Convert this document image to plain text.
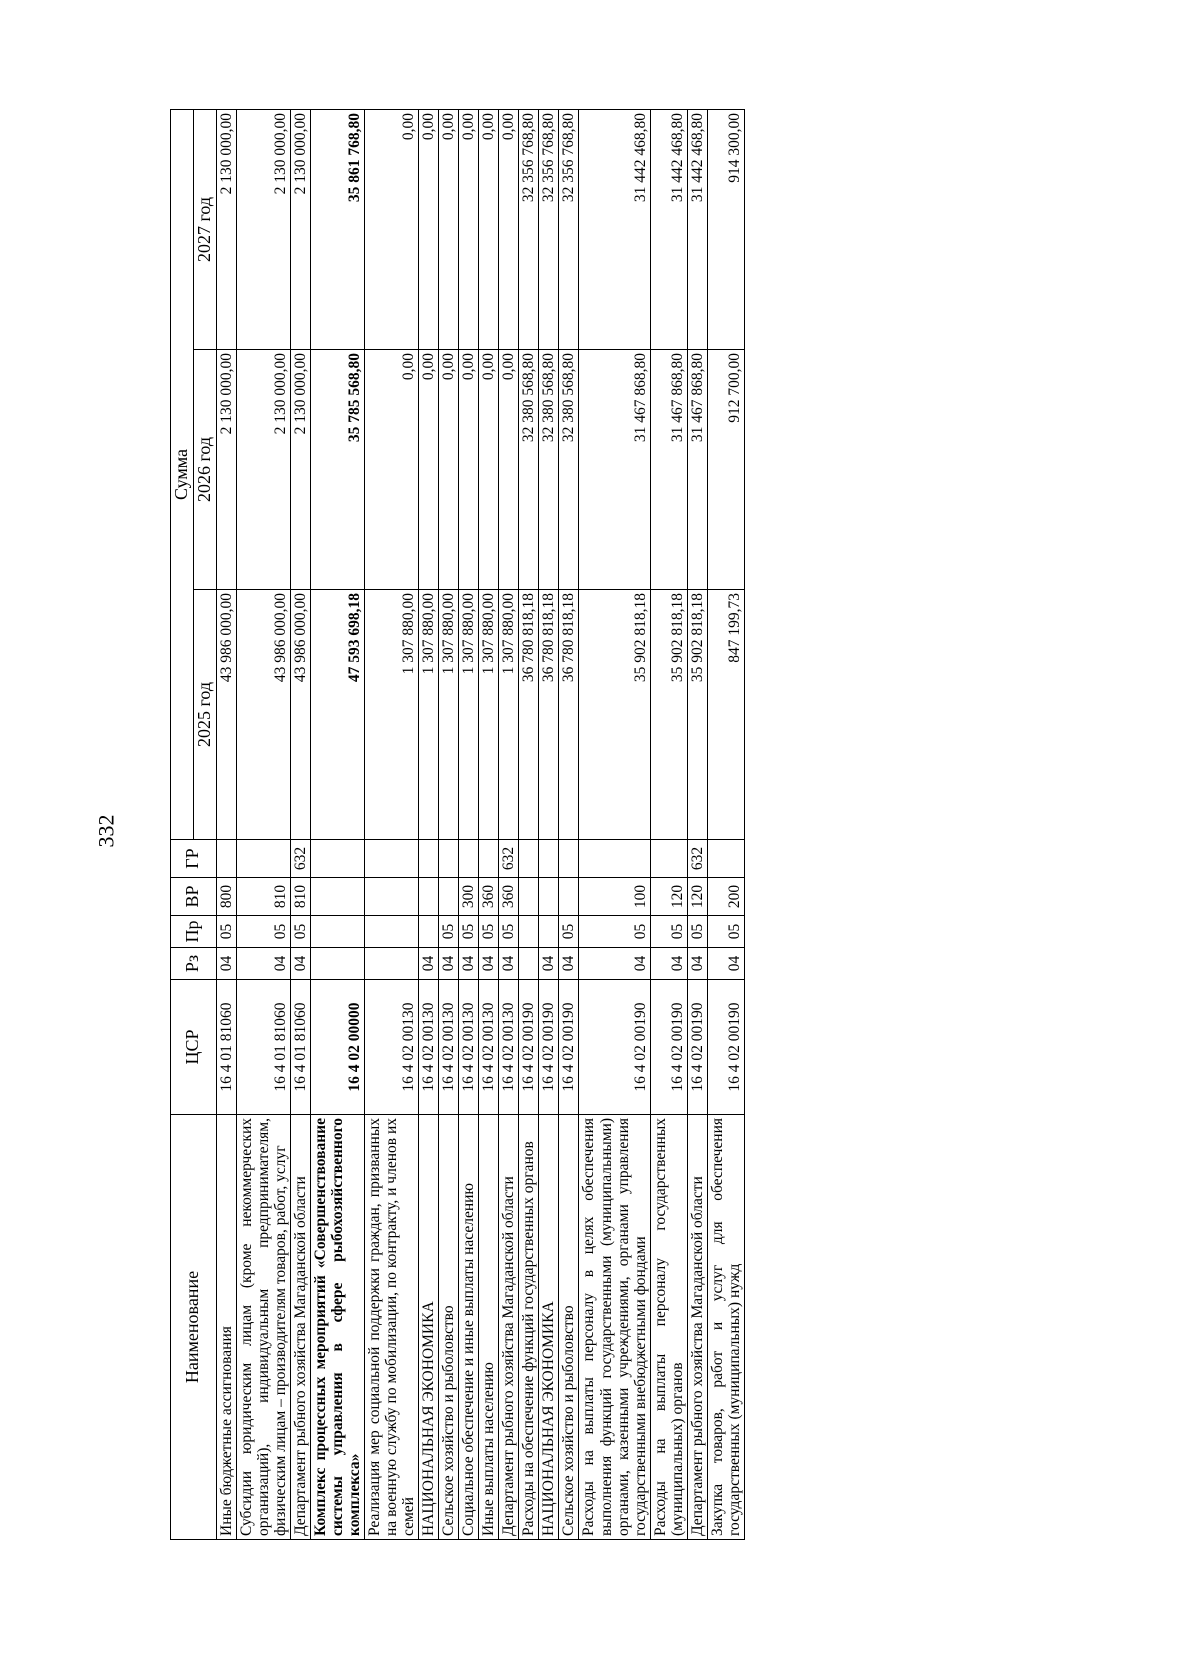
332
Наименование	ЦСР	Рз	Пр	ВР	ГР	Сумма		
						2025 год	2026 год	2027 год
Иные бюджетные ассигнования	16 4 01 81060	04	05	800		43 986 000,00	2 130 000,00	2 130 000,00
Субсидии юридическим лицам (кроме некоммерческих организаций), индивидуальным предпринимателям, физическим лицам – производителям товаров, работ, услуг	16 4 01 81060	04	05	810		43 986 000,00	2 130 000,00	2 130 000,00
Департамент рыбного хозяйства Магаданской области	16 4 01 81060	04	05	810	632	43 986 000,00	2 130 000,00	2 130 000,00
Комплекс процессных мероприятий «Совершенствование системы управления в сфере рыбохозяйственного комплекса»	16 4 02 00000					47 593 698,18	35 785 568,80	35 861 768,80
Реализация мер социальной поддержки граждан, призванных на военную службу по мобилизации, по контракту, и членов их семей	16 4 02 00130					1 307 880,00	0,00	0,00
НАЦИОНАЛЬНАЯ ЭКОНОМИКА	16 4 02 00130	04				1 307 880,00	0,00	0,00
Сельское хозяйство и рыболовство	16 4 02 00130	04	05			1 307 880,00	0,00	0,00
Социальное обеспечение и иные выплаты населению	16 4 02 00130	04	05	300		1 307 880,00	0,00	0,00
Иные выплаты населению	16 4 02 00130	04	05	360		1 307 880,00	0,00	0,00
Департамент рыбного хозяйства Магаданской области	16 4 02 00130	04	05	360	632	1 307 880,00	0,00	0,00
Расходы на обеспечение функций государственных органов	16 4 02 00190					36 780 818,18	32 380 568,80	32 356 768,80
НАЦИОНАЛЬНАЯ ЭКОНОМИКА	16 4 02 00190	04				36 780 818,18	32 380 568,80	32 356 768,80
Сельское хозяйство и рыболовство	16 4 02 00190	04	05			36 780 818,18	32 380 568,80	32 356 768,80
Расходы на выплаты персоналу в целях обеспечения выполнения функций государственными (муниципальными) органами, казенными учреждениями, органами управления государственными внебюджетными фондами	16 4 02 00190	04	05	100		35 902 818,18	31 467 868,80	31 442 468,80
Расходы на выплаты персоналу государственных (муниципальных) органов	16 4 02 00190	04	05	120		35 902 818,18	31 467 868,80	31 442 468,80
Департамент рыбного хозяйства Магаданской области	16 4 02 00190	04	05	120	632	35 902 818,18	31 467 868,80	31 442 468,80
Закупка товаров, работ и услуг для обеспечения государственных (муниципальных) нужд	16 4 02 00190	04	05	200		847 199,73	912 700,00	914 300,00
